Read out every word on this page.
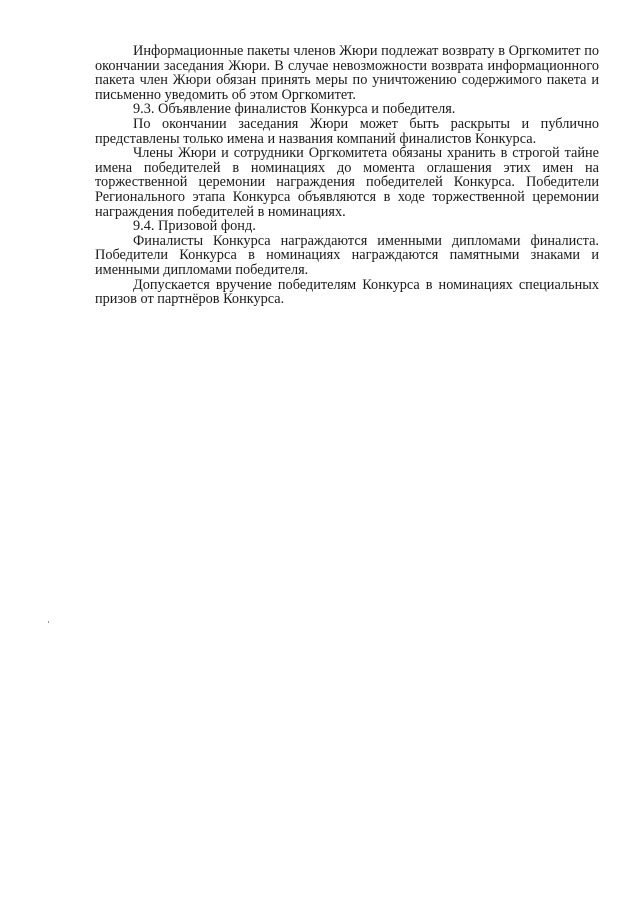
Информационные пакеты членов Жюри подлежат возврату в Оргкомитет по окончании заседания Жюри. В случае невозможности возврата информационного пакета член Жюри обязан принять меры по уничтожению содержимого пакета и письменно уведомить об этом Оргкомитет.

9.3. Объявление финалистов Конкурса и победителя.

По окончании заседания Жюри может быть раскрыты и публично представлены только имена и названия компаний финалистов Конкурса.

Члены Жюри и сотрудники Оргкомитета обязаны хранить в строгой тайне имена победителей в номинациях до момента оглашения этих имен на торжественной церемонии награждения победителей Конкурса. Победители Регионального этапа Конкурса объявляются в ходе торжественной церемонии награждения победителей в номинациях.

9.4. Призовой фонд.

Финалисты Конкурса награждаются именными дипломами финалиста. Победители Конкурса в номинациях награждаются памятными знаками и именными дипломами победителя.

Допускается вручение победителям Конкурса в номинациях специальных призов от партнёров Конкурса.
